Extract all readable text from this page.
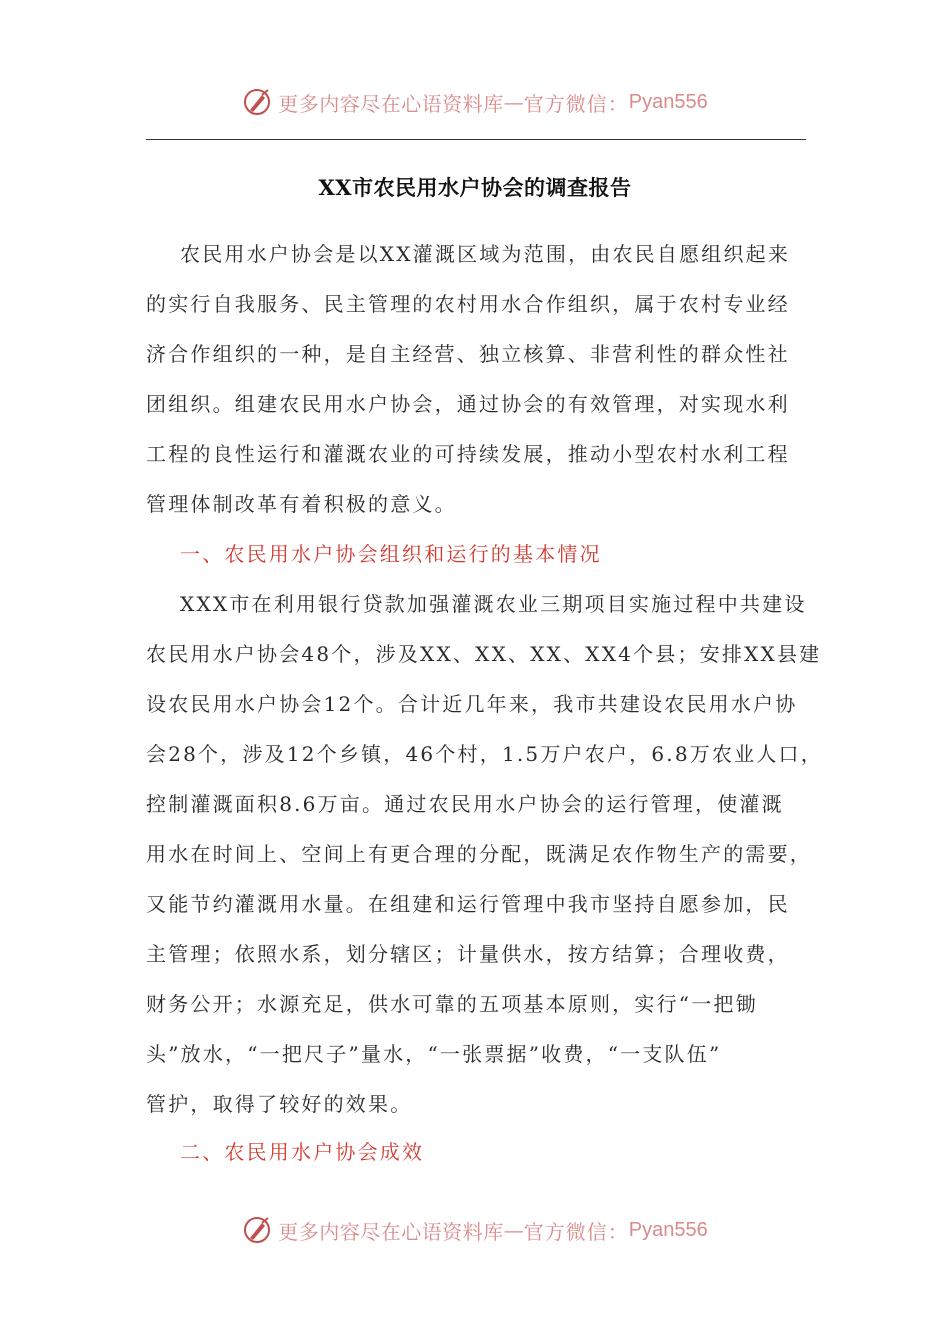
更多内容尽在心语资料库 — 官方微信： Pyan556
XX市农民用水户协会的调查报告
农民用水户协会是以XX灌溉区域为范围，由农民自愿组织起来
的实行自我服务、民主管理的农村用水合作组织，属于农村专业经
济合作组织的一种，是自主经营、独立核算、非营利性的群众性社
团组织。组建农民用水户协会，通过协会的有效管理，对实现水利
工程的良性运行和灌溉农业的可持续发展，推动小型农村水利工程
管理体制改革有着积极的意义。
一、农民用水户协会组织和运行的基本情况
XXX市在利用银行贷款加强灌溉农业三期项目实施过程中共建设
农民用水户协会48个，涉及XX、XX、XX、XX4个县；安排XX县建
设农民用水户协会12个。合计近几年来，我市共建设农民用水户协
会28个，涉及12个乡镇，46个村，1.5万户农户，6.8万农业人口，
控制灌溉面积8.6万亩。通过农民用水户协会的运行管理，使灌溉
用水在时间上、空间上有更合理的分配，既满足农作物生产的需要，
又能节约灌溉用水量。在组建和运行管理中我市坚持自愿参加，民
主管理；依照水系，划分辖区；计量供水，按方结算；合理收费，
财务公开；水源充足，供水可靠的五项基本原则，实行“一把锄
头”放水，“一把尺子”量水，“一张票据”收费，“一支队伍”
管护，取得了较好的效果。
二、农民用水户协会成效
更多内容尽在心语资料库 — 官方微信： Pyan556
